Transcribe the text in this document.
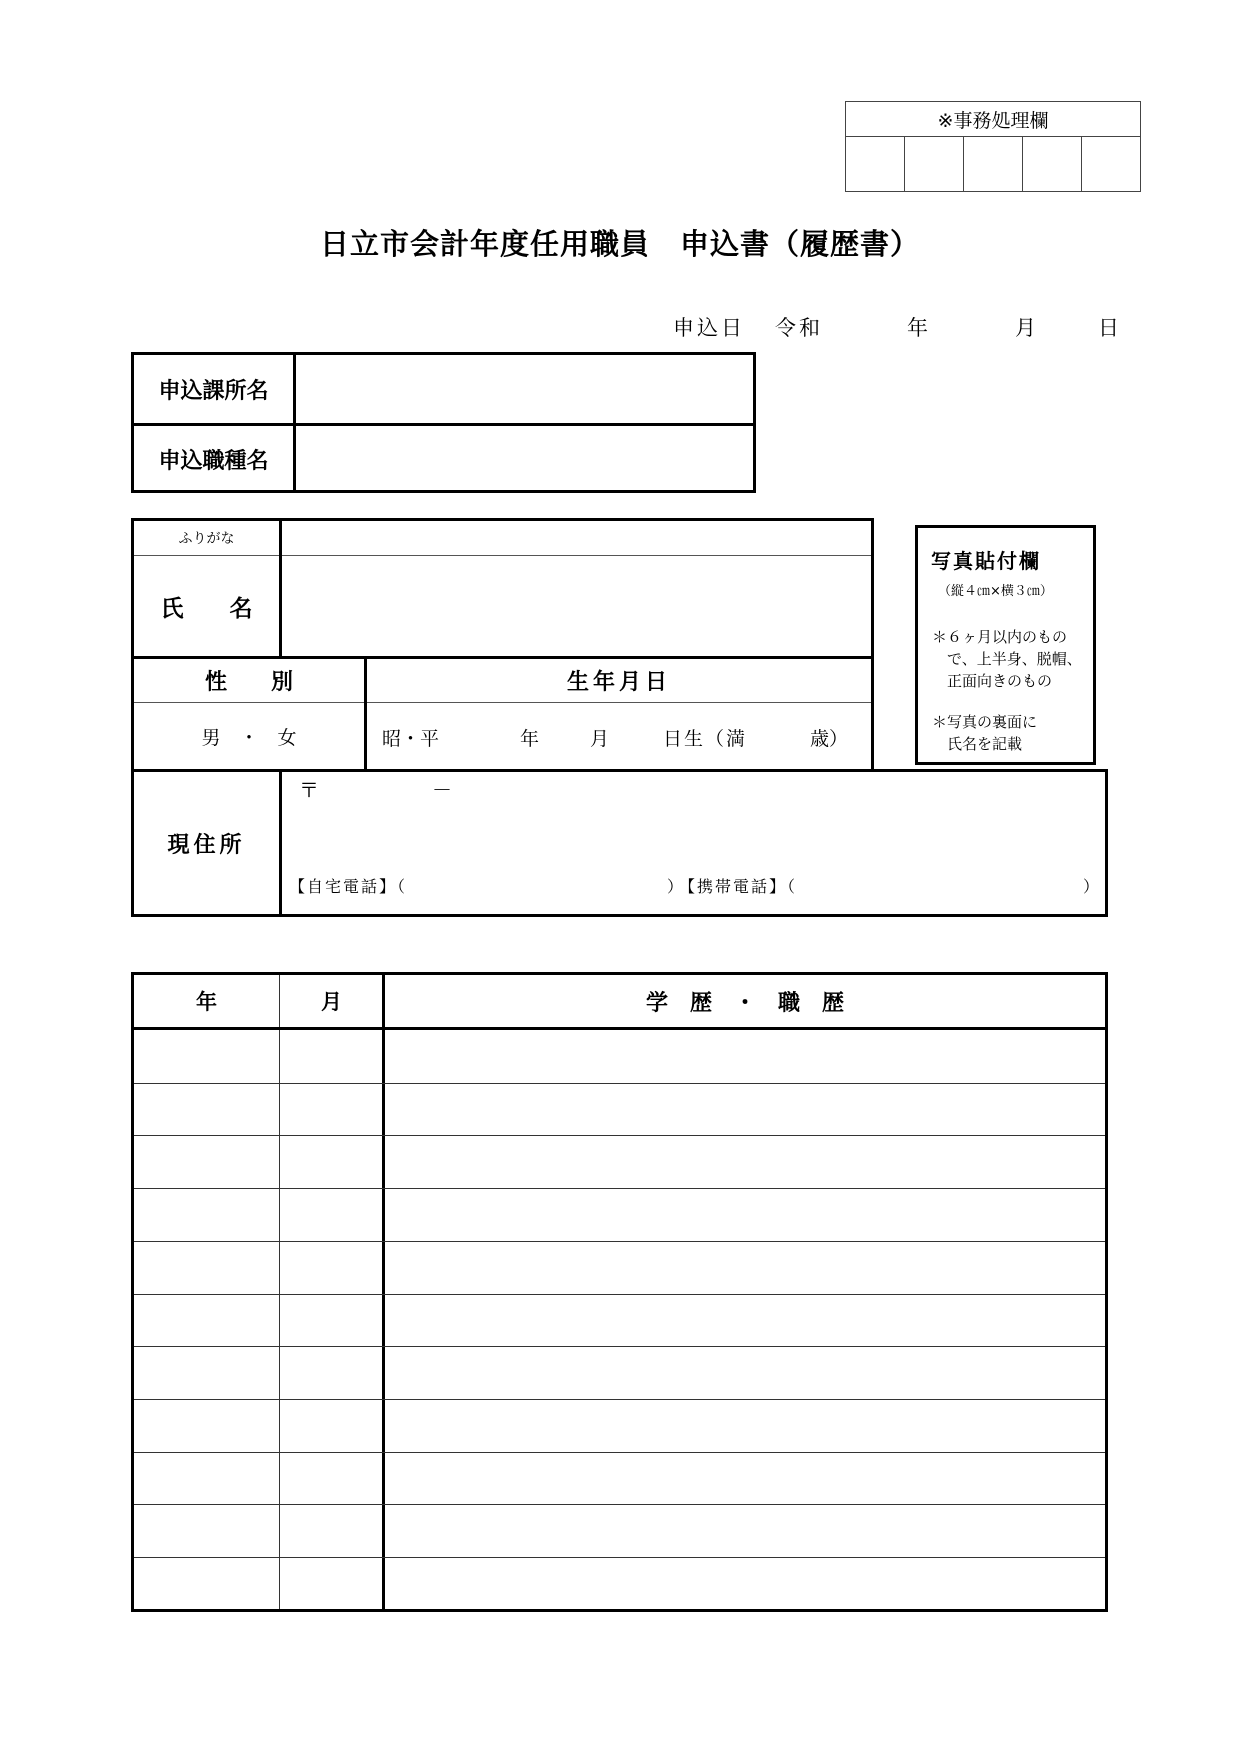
※事務処理欄
日立市会計年度任用職員　申込書（履歴書）
申込日 令和	年	月	日
申込課所名
申込職種名
ふりがな
氏　　名
性　　別	生年月日
男　・　女	昭・平	年	月	日生（満	歳）
写真貼付欄
（縦４㎝×横３㎝）
＊６ヶ月以内のもの
で、上半身、脱帽、
正面向きのもの
＊写真の裏面に
氏名を記載
現住所
〒	－
【自宅電話】（	）
【携帯電話】（	）
年	月	学　歴　・　職　歴
